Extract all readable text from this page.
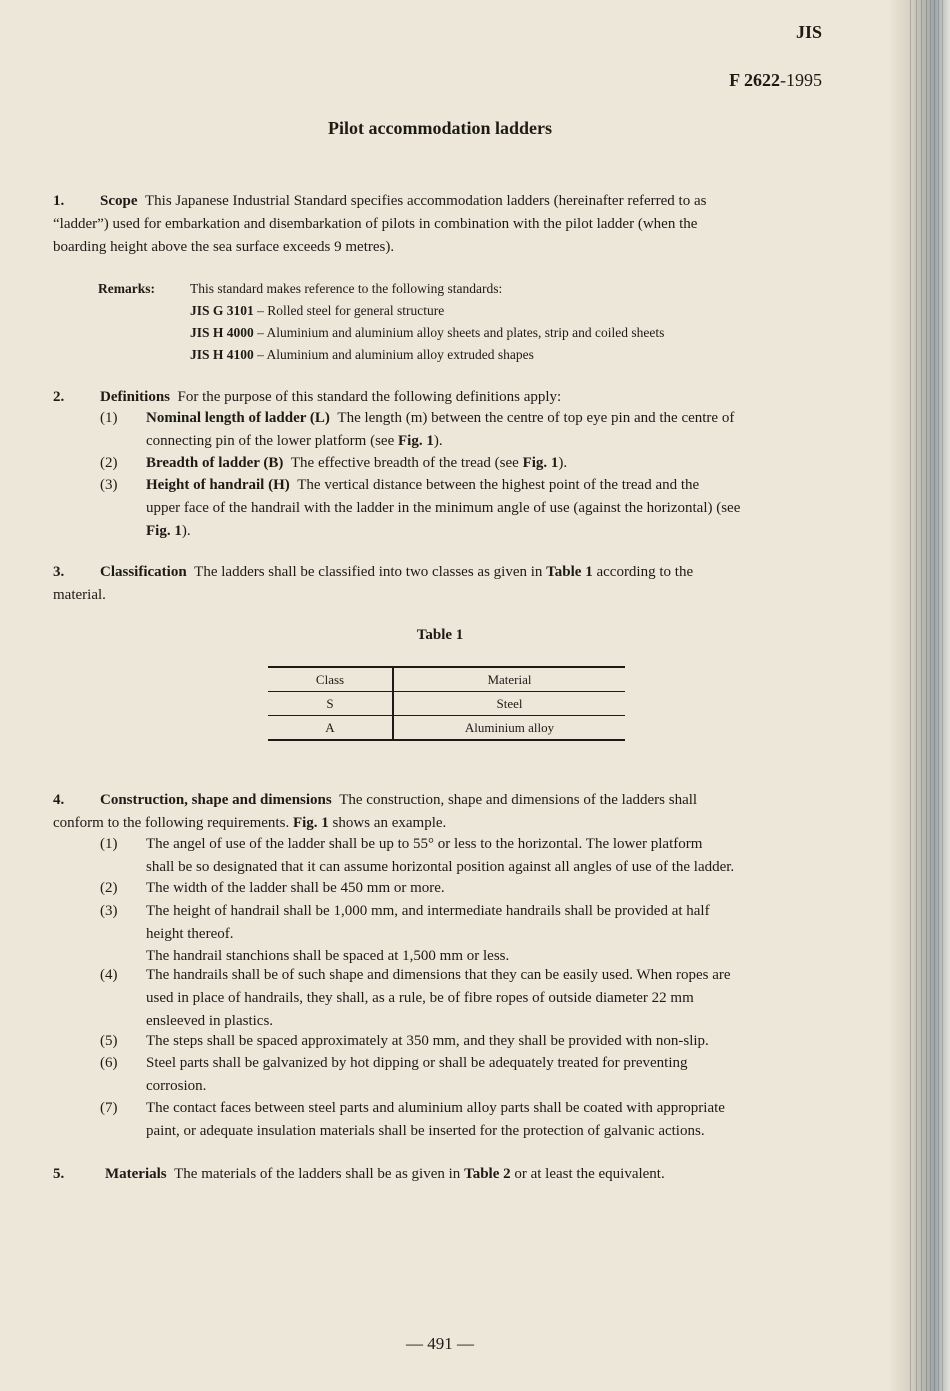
JIS
F 2622-1995
Pilot accommodation ladders
1. Scope This Japanese Industrial Standard specifies accommodation ladders (hereinafter referred to as
“ladder”) used for embarkation and disembarkation of pilots in combination with the pilot ladder (when the
boarding height above the sea surface exceeds 9 metres).
Remarks:	This standard makes reference to the following standards:
JIS G 3101 – Rolled steel for general structure
JIS H 4000 – Aluminium and aluminium alloy sheets and plates, strip and coiled sheets
JIS H 4100 – Aluminium and aluminium alloy extruded shapes
2. Definitions For the purpose of this standard the following definitions apply:
(1) Nominal length of ladder (L) The length (m) between the centre of top eye pin and the centre of
connecting pin of the lower platform (see Fig. 1).
(2) Breadth of ladder (B) The effective breadth of the tread (see Fig. 1).
(3) Height of handrail (H) The vertical distance between the highest point of the tread and the
upper face of the handrail with the ladder in the minimum angle of use (against the horizontal) (see
Fig. 1).
3. Classification The ladders shall be classified into two classes as given in Table 1 according to the
material.
Table 1
Class	Material
S	Steel
A	Aluminium alloy
4. Construction, shape and dimensions The construction, shape and dimensions of the ladders shall
conform to the following requirements. Fig. 1 shows an example.
(1) The angel of use of the ladder shall be up to 55° or less to the horizontal. The lower platform
shall be so designated that it can assume horizontal position against all angles of use of the ladder.
(2) The width of the ladder shall be 450 mm or more.
(3) The height of handrail shall be 1,000 mm, and intermediate handrails shall be provided at half
height thereof.
The handrail stanchions shall be spaced at 1,500 mm or less.
(4) The handrails shall be of such shape and dimensions that they can be easily used. When ropes are
used in place of handrails, they shall, as a rule, be of fibre ropes of outside diameter 22 mm
ensleeved in plastics.
(5) The steps shall be spaced approximately at 350 mm, and they shall be provided with non-slip.
(6) Steel parts shall be galvanized by hot dipping or shall be adequately treated for preventing
corrosion.
(7) The contact faces between steel parts and aluminium alloy parts shall be coated with appropriate
paint, or adequate insulation materials shall be inserted for the protection of galvanic actions.
5.	Materials The materials of the ladders shall be as given in Table 2 or at least the equivalent.
— 491 —
